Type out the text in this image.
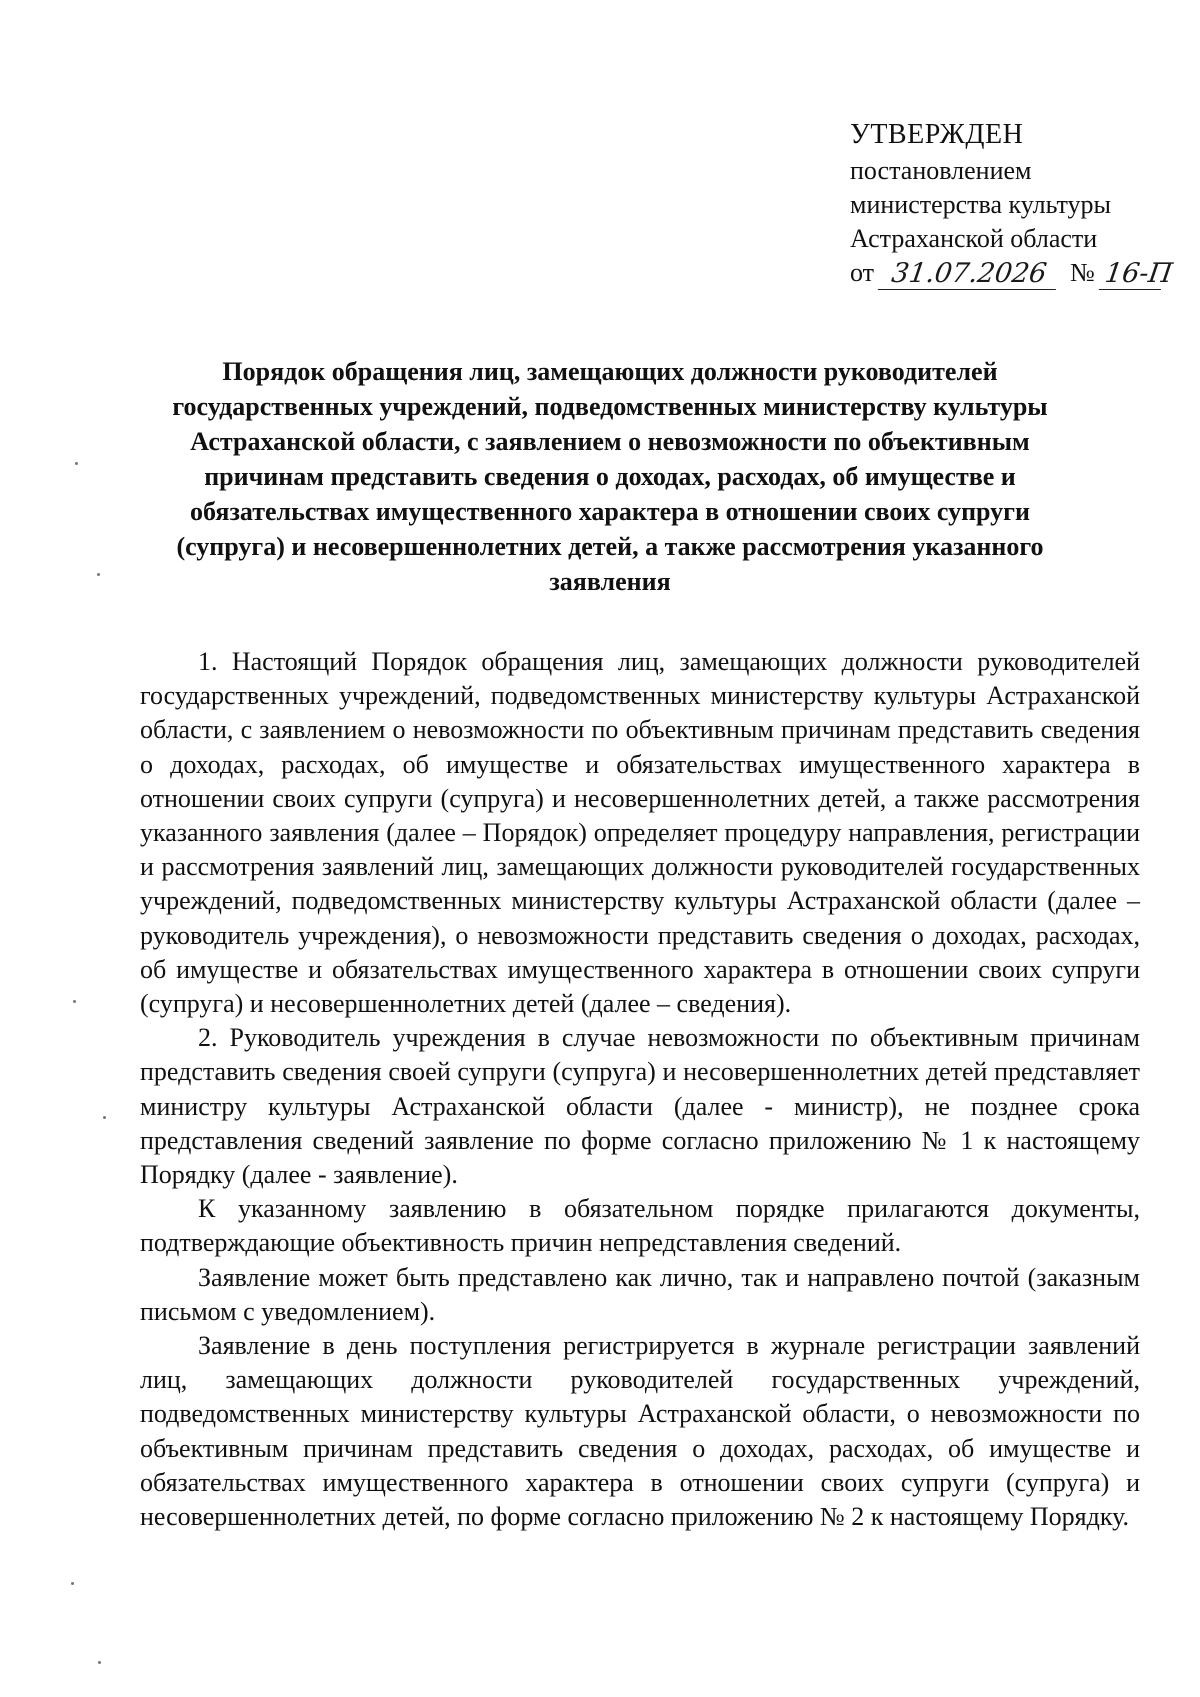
УТВЕРЖДЕН
постановлением
министерства культуры
Астраханской области
от 31.07.2026 № 16-П
Порядок обращения лиц, замещающих должности руководителей государственных учреждений, подведомственных министерству культуры Астраханской области, с заявлением о невозможности по объективным причинам представить сведения о доходах, расходах, об имуществе и обязательствах имущественного характера в отношении своих супруги (супруга) и несовершеннолетних детей, а также рассмотрения указанного заявления

1. Настоящий Порядок обращения лиц, замещающих должности руководителей государственных учреждений, подведомственных министерству культуры Астраханской области, с заявлением о невозможности по объективным причинам представить сведения о доходах, расходах, об имуществе и обязательствах имущественного характера в отношении своих супруги (супруга) и несовершеннолетних детей, а также рассмотрения указанного заявления (далее – Порядок) определяет процедуру направления, регистрации и рассмотрения заявлений лиц, замещающих должности руководителей государственных учреждений, подведомственных министерству культуры Астраханской области (далее – руководитель учреждения), о невозможности представить сведения о доходах, расходах, об имуществе и обязательствах имущественного характера в отношении своих супруги (супруга) и несовершеннолетних детей (далее – сведения).

2. Руководитель учреждения в случае невозможности по объективным причинам представить сведения своей супруги (супруга) и несовершеннолетних детей представляет министру культуры Астраханской области (далее - министр), не позднее срока представления сведений заявление по форме согласно приложению № 1 к настоящему Порядку (далее - заявление).

К указанному заявлению в обязательном порядке прилагаются документы, подтверждающие объективность причин непредставления сведений.

Заявление может быть представлено как лично, так и направлено почтой (заказным письмом с уведомлением).

Заявление в день поступления регистрируется в журнале регистрации заявлений лиц, замещающих должности руководителей государственных учреждений, подведомственных министерству культуры Астраханской области, о невозможности по объективным причинам представить сведения о доходах, расходах, об имуществе и обязательствах имущественного характера в отношении своих супруги (супруга) и несовершеннолетних детей, по форме согласно приложению № 2 к настоящему Порядку.
